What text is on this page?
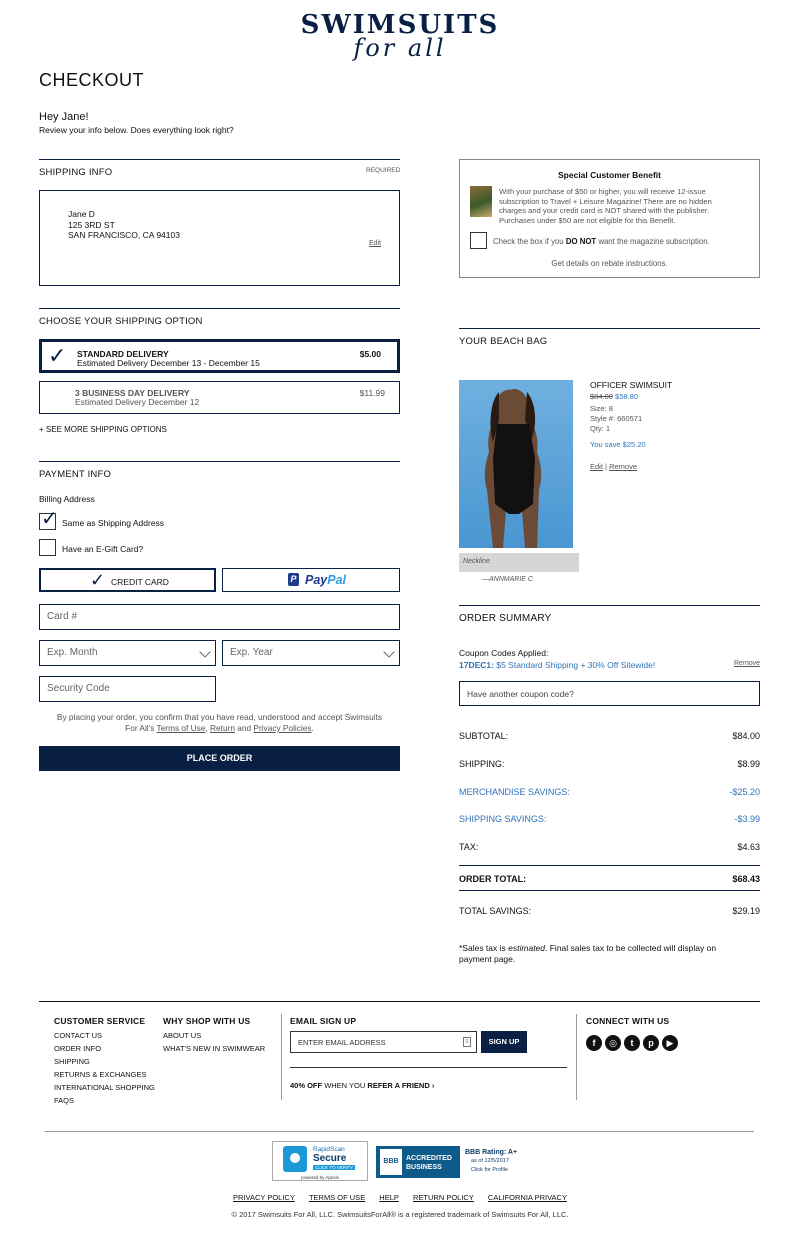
SWIMSUITS
for all
CHECKOUT
Hey Jane!
Review your info below. Does everything look right?
SHIPPING INFO	REQUIRED
Jane D
125 3RD ST
SAN FRANCISCO, CA 94103
Edit
CHOOSE YOUR SHIPPING OPTION
✓ STANDARD DELIVERY
Estimated Delivery December 13 - December 15
$5.00
3 BUSINESS DAY DELIVERY
Estimated Delivery December 12
$11.99
+ SEE MORE SHIPPING OPTIONS
PAYMENT INFO
Billing Address
✓ Same as Shipping Address
Have an E-Gift Card?
✓ CREDIT CARD	P PayPal
Card #
Exp. Month	Exp. Year
Security Code
By placing your order, you confirm that you have read, understood and accept Swimsuits
For All's Terms of Use, Return and Privacy Policies.
PLACE ORDER
Special Customer Benefit
With your purchase of $50 or higher, you will receive 12-issue
subscription to Travel + Leisure Magazine! There are no hidden
charges and your credit card is NOT shared with the publisher.
Purchases under $50 are not eligible for this Benefit.
Check the box if you DO NOT want the magazine subscription.
Get details on rebate instructions.
YOUR BEACH BAG
Neckline
—ANNMARIE C
OFFICER SWIMSUIT
$84.00 $58.80
Size: 8
Style #: 660571
Qty: 1
You save $25.20
Edit | Remove
ORDER SUMMARY
Coupon Codes Applied:
17DEC1: $5 Standard Shipping + 30% Off Sitewide!	Remove
Have another coupon code?
SUBTOTAL:	$84.00
SHIPPING:	$8.99
MERCHANDISE SAVINGS:	-$25.20
SHIPPING SAVINGS:	-$3.99
TAX:	$4.63
ORDER TOTAL:	$68.43
TOTAL SAVINGS:	$29.19
*Sales tax is estimated. Final sales tax to be collected will display on
payment page.
CUSTOMER SERVICE
CONTACT US
ORDER INFO
SHIPPING
RETURNS & EXCHANGES
INTERNATIONAL SHOPPING
FAQS
WHY SHOP WITH US
ABOUT US
WHAT'S NEW IN SWIMWEAR
EMAIL SIGN UP
ENTER EMAIL ADDRESS	≡	SIGN UP
40% OFF WHEN YOU REFER A FRIEND ›
CONNECT WITH US
f ◎ t p ▶
RapidScan
Secure
CLICK TO VERIFY
powered by Apexis
BBB	ACCREDITED
BUSINESS
BBB Rating: A+
as of 12/5/2017
Click for Profile
PRIVACY POLICY TERMS OF USE HELP RETURN POLICY CALIFORNIA PRIVACY
© 2017 Swimsuits For All, LLC. SwimsuitsForAll® is a registered trademark of Swimsuits For All, LLC.
